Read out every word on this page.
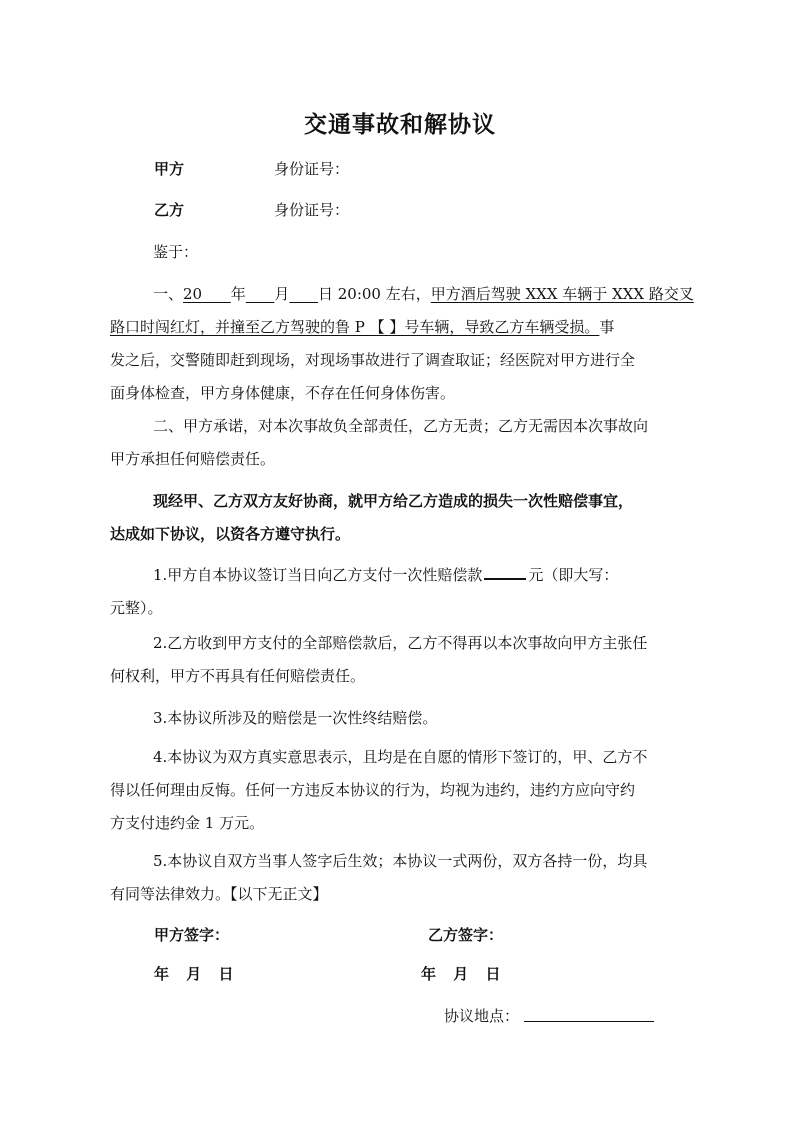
交通事故和解协议
甲方	身份证号：
乙方	身份证号：
鉴于：
一、20 年 月 日 20:00 左右，甲方酒后驾驶 XXX 车辆于 XXX 路交叉
路口时闯红灯，并撞至乙方驾驶的鲁 P 【 】号车辆，导致乙方车辆受损。事
发之后，交警随即赶到现场，对现场事故进行了调查取证；经医院对甲方进行全
面身体检查，甲方身体健康，不存在任何身体伤害。
二、甲方承诺，对本次事故负全部责任，乙方无责；乙方无需因本次事故向
甲方承担任何赔偿责任。
现经甲、乙方双方友好协商，就甲方给乙方造成的损失一次性赔偿事宜，
达成如下协议，以资各方遵守执行。
1.甲方自本协议签订当日向乙方支付一次性赔偿款	元（即大写：
元整）。
2.乙方收到甲方支付的全部赔偿款后，乙方不得再以本次事故向甲方主张任
何权利，甲方不再具有任何赔偿责任。
3.本协议所涉及的赔偿是一次性终结赔偿。
4.本协议为双方真实意思表示，且均是在自愿的情形下签订的，甲、乙方不
得以任何理由反悔。任何一方违反本协议的行为，均视为违约，违约方应向守约
方支付违约金 1 万元。
5.本协议自双方当事人签字后生效；本协议一式两份，双方各持一份，均具
有同等法律效力。【以下无正文】
甲方签字：	乙方签字：
年 月 日	年 月 日
协议地点：
